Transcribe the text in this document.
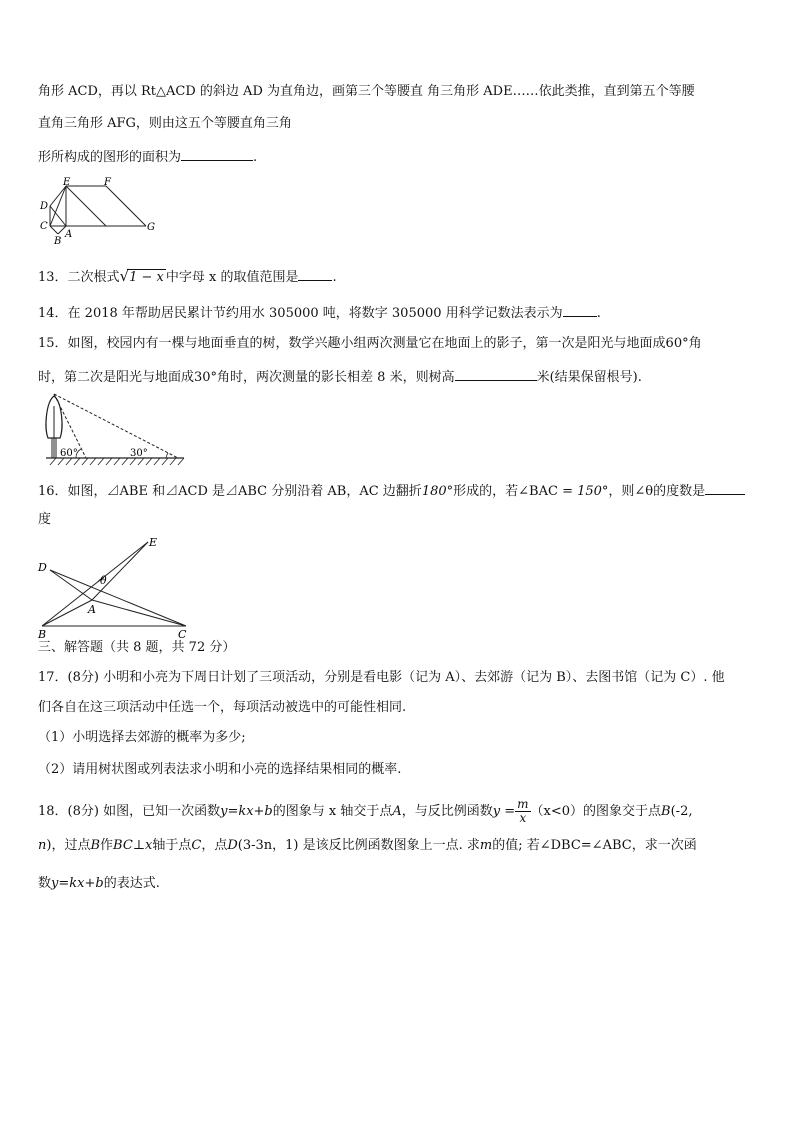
角形 ACD，再以 Rt△ACD 的斜边 AD 为直角边，画第三个等腰直 角三角形 ADE……依此类推，直到第五个等腰
直角三角形 AFG，则由这五个等腰直角三角
形所构成的图形的面积为	.
E	F
D
C
A
B
G
13．二次根式√1 − x 中字母 x 的取值范围是	.
14．在 2018 年帮助居民累计节约用水 305000 吨，将数字 305000 用科学记数法表示为	.
15．如图，校园内有一棵与地面垂直的树，数学兴趣小组两次测量它在地面上的影子，第一次是阳光与地面成60°角
时，第二次是阳光与地面成30°角时，两次测量的影长相差 8 米，则树高	米(结果保留根号).
60°	30°
16．如图，⊿ABE 和⊿ACD 是⊿ABC 分别沿着 AB，AC 边翻折180°形成的，若∠BAC = 150°，则∠θ的度数是
度
E
D
θ
A
B	C
三、解答题（共 8 题，共 72 分）
17．(8分) 小明和小亮为下周日计划了三项活动，分别是看电影（记为 A）、去郊游（记为 B）、去图书馆（记为 C）. 他
们各自在这三项活动中任选一个，每项活动被选中的可能性相同.
（1）小明选择去郊游的概率为多少;
（2）请用树状图或列表法求小明和小亮的选择结果相同的概率.
18．(8分) 如图，已知一次函数y=kx+b的图象与 x 轴交于点A，与反比例函数$y = \frac{m}{x} (x<0)$的图象交于点B(-2,
n)，过点B作BC⊥x轴于点C，点D(3-3n，1) 是该反比例函数图象上一点. 求m的值; 若∠DBC=∠ABC，求一次函
数y=kx+b的表达式.
